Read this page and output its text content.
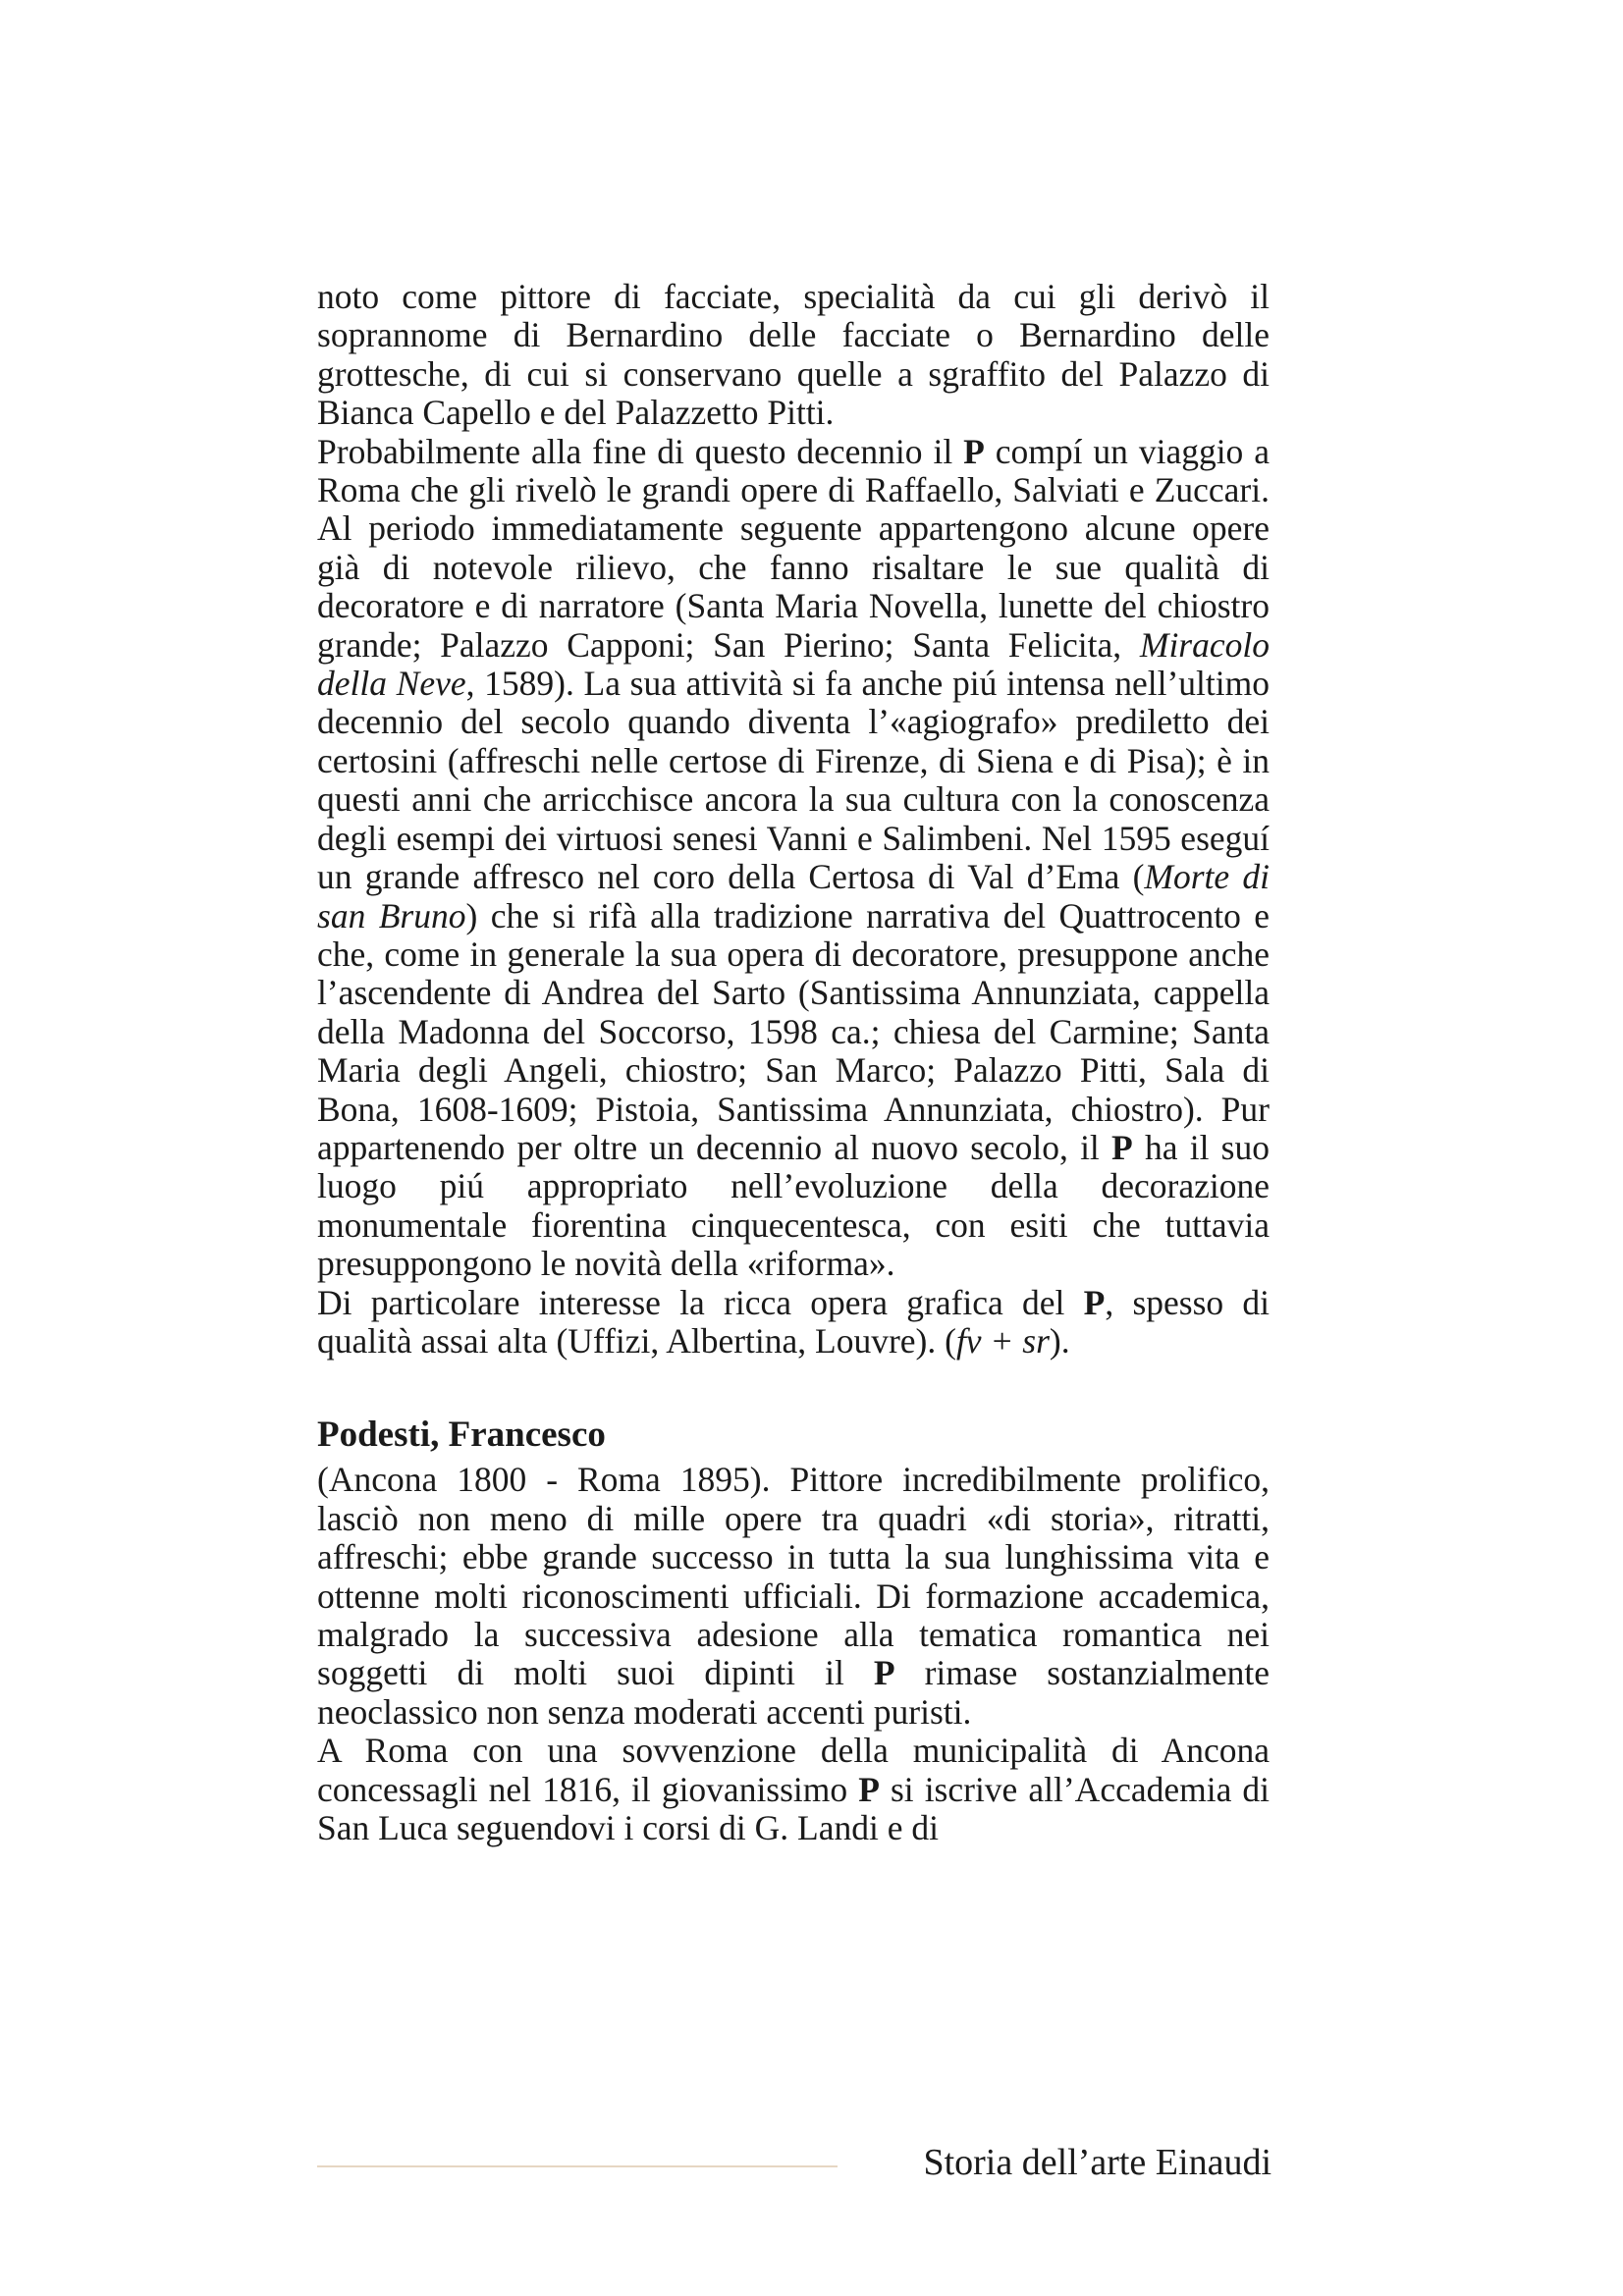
noto come pittore di facciate, specialità da cui gli derivò il soprannome di Bernardino delle facciate o Bernardino delle grottesche, di cui si conservano quelle a sgraffito del Palazzo di Bianca Capello e del Palazzetto Pitti.

Probabilmente alla fine di questo decennio il P compí un viaggio a Roma che gli rivelò le grandi opere di Raffaello, Salviati e Zuccari. Al periodo immediatamente seguente appartengono alcune opere già di notevole rilievo, che fanno risaltare le sue qualità di decoratore e di narratore (Santa Maria Novella, lunette del chiostro grande; Palazzo Capponi; San Pierino; Santa Felicita, Miracolo della Neve, 1589). La sua attività si fa anche piú intensa nell’ultimo decennio del secolo quando diventa l’«agiografo» prediletto dei certosini (affreschi nelle certose di Firenze, di Siena e di Pisa); è in questi anni che arricchisce ancora la sua cultura con la conoscenza degli esempi dei virtuosi senesi Vanni e Salimbeni. Nel 1595 eseguí un grande affresco nel coro della Certosa di Val d’Ema (Morte di san Bruno) che si rifà alla tradizione narrativa del Quattrocento e che, come in generale la sua opera di decoratore, presuppone anche l’ascendente di Andrea del Sarto (Santissima Annunziata, cappella della Madonna del Soccorso, 1598 ca.; chiesa del Carmine; Santa Maria degli Angeli, chiostro; San Marco; Palazzo Pitti, Sala di Bona, 1608-1609; Pistoia, Santissima Annunziata, chiostro). Pur appartenendo per oltre un decennio al nuovo secolo, il P ha il suo luogo piú appropriato nell’evoluzione della decorazione monumentale fiorentina cinquecentesca, con esiti che tuttavia presuppongono le novità della «riforma».

Di particolare interesse la ricca opera grafica del P, spesso di qualità assai alta (Uffizi, Albertina, Louvre). (fv + sr).

Podesti, Francesco

(Ancona 1800 - Roma 1895). Pittore incredibilmente prolifico, lasciò non meno di mille opere tra quadri «di storia», ritratti, affreschi; ebbe grande successo in tutta la sua lunghissima vita e ottenne molti riconoscimenti ufficiali. Di formazione accademica, malgrado la successiva adesione alla tematica romantica nei soggetti di molti suoi dipinti il P rimase sostanzialmente neoclassico non senza moderati accenti puristi.

A Roma con una sovvenzione della municipalità di Ancona concessagli nel 1816, il giovanissimo P si iscrive all’Accademia di San Luca seguendovi i corsi di G. Landi e di

Storia dell’arte Einaudi
